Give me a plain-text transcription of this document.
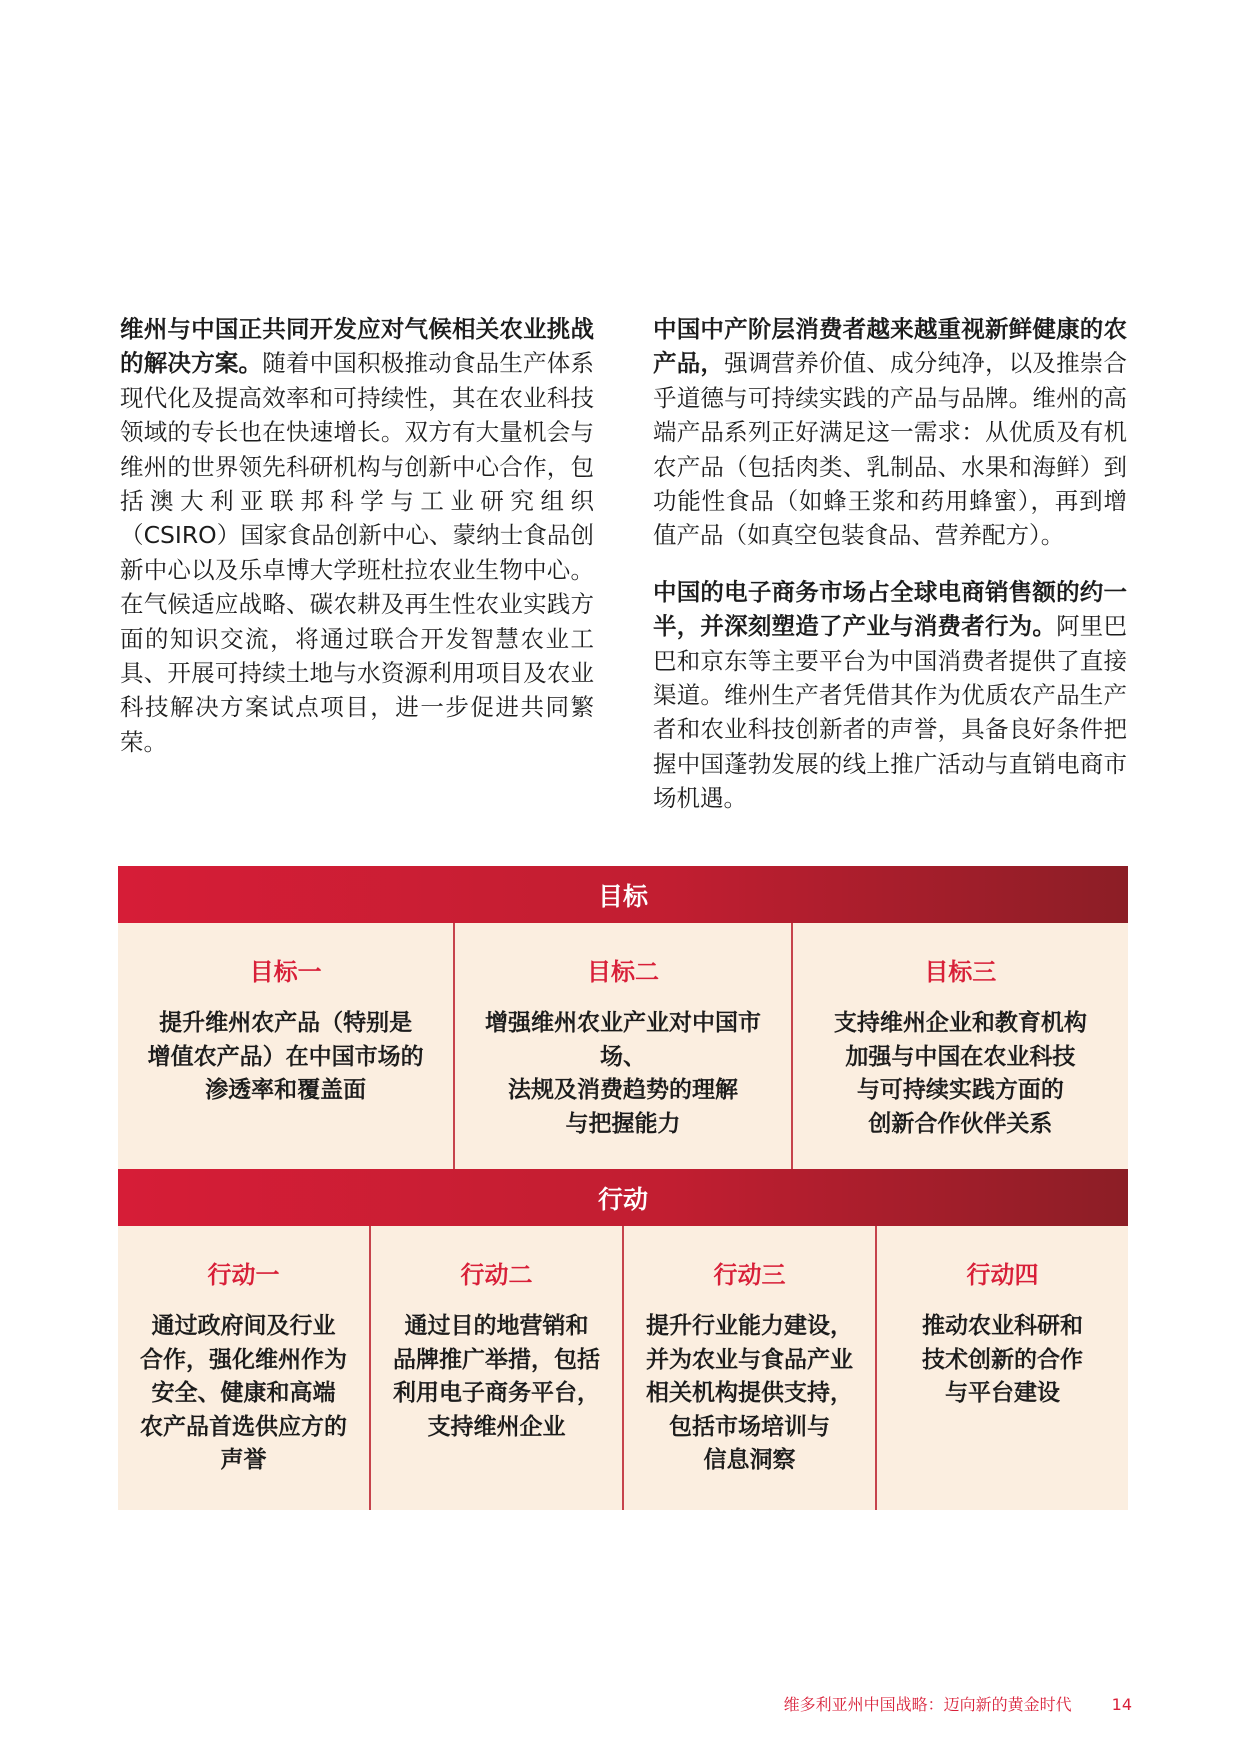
维州与中国正共同开发应对气候相关农业挑战的解决方案。随着中国积极推动食品生产体系现代化及提高效率和可持续性，其在农业科技领域的专长也在快速增长。双方有大量机会与维州的世界领先科研机构与创新中心合作，包括澳大利亚联邦科学与工业研究组织（CSIRO）国家食品创新中心、蒙纳士食品创新中心以及乐卓博大学班杜拉农业生物中心。在气候适应战略、碳农耕及再生性农业实践方面的知识交流，将通过联合开发智慧农业工具、开展可持续土地与水资源利用项目及农业科技解决方案试点项目，进一步促进共同繁荣。

中国中产阶层消费者越来越重视新鲜健康的农产品，强调营养价值、成分纯净，以及推崇合乎道德与可持续实践的产品与品牌。维州的高端产品系列正好满足这一需求：从优质及有机农产品（包括肉类、乳制品、水果和海鲜）到功能性食品（如蜂王浆和药用蜂蜜），再到增值产品（如真空包装食品、营养配方）。

中国的电子商务市场占全球电商销售额的约一半，并深刻塑造了产业与消费者行为。阿里巴巴和京东等主要平台为中国消费者提供了直接渠道。维州生产者凭借其作为优质农产品生产者和农业科技创新者的声誉，具备良好条件把握中国蓬勃发展的线上推广活动与直销电商市场机遇。

目标
目标一
提升维州农产品（特别是
增值农产品）在中国市场的
渗透率和覆盖面
目标二
增强维州农业产业对中国市场、
法规及消费趋势的理解
与把握能力
目标三
支持维州企业和教育机构
加强与中国在农业科技
与可持续实践方面的
创新合作伙伴关系
行动
行动一
通过政府间及行业
合作，强化维州作为
安全、健康和高端
农产品首选供应方的
声誉
行动二
通过目的地营销和
品牌推广举措，包括
利用电子商务平台，
支持维州企业
行动三
提升行业能力建设，
并为农业与食品产业
相关机构提供支持，
包括市场培训与
信息洞察
行动四
推动农业科研和
技术创新的合作
与平台建设
维多利亚州中国战略：迈向新的黄金时代	14
